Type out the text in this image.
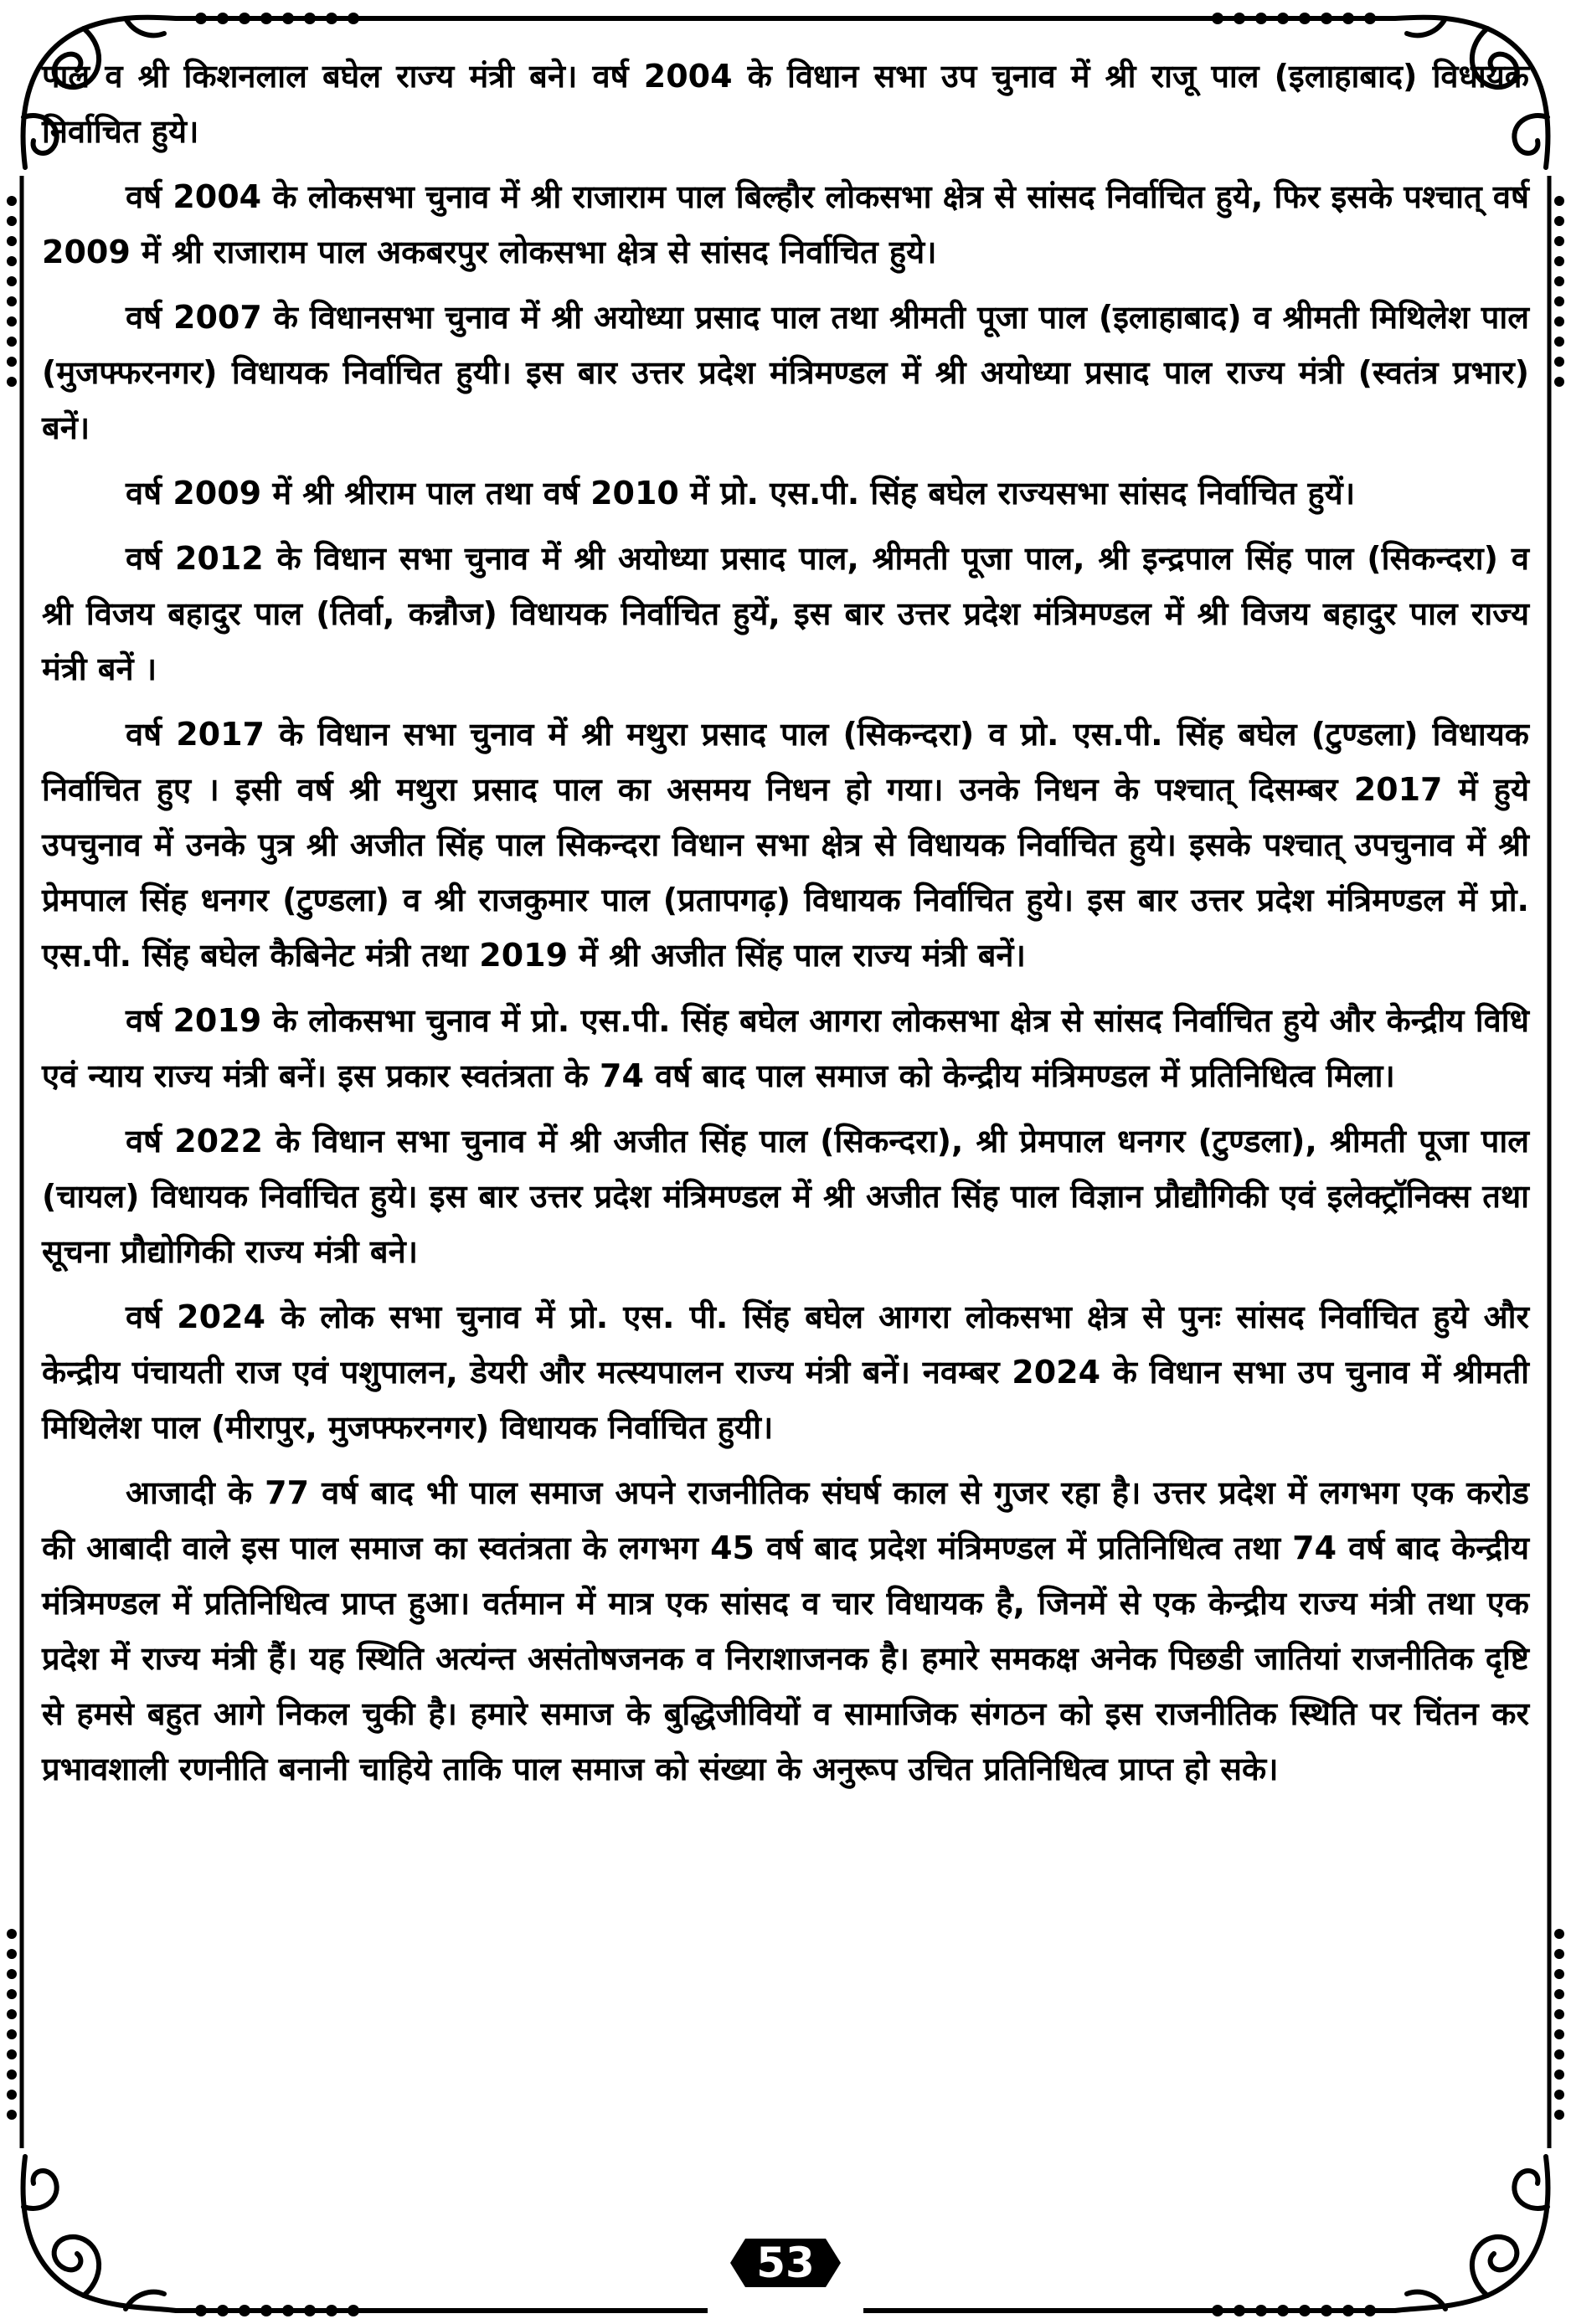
पाल व श्री किशनलाल बघेल राज्य मंत्री बने। वर्ष 2004 के विधान सभा उप चुनाव में श्री राजू पाल (इलाहाबाद) विधायक निर्वाचित हुये।

वर्ष 2004 के लोकसभा चुनाव में श्री राजाराम पाल बिल्हौर लोकसभा क्षेत्र से सांसद निर्वाचित हुये, फिर इसके पश्चात् वर्ष 2009 में श्री राजाराम पाल अकबरपुर लोकसभा क्षेत्र से सांसद निर्वाचित हुये।

वर्ष 2007 के विधानसभा चुनाव में श्री अयोध्या प्रसाद पाल तथा श्रीमती पूजा पाल (इलाहाबाद) व श्रीमती मिथिलेश पाल (मुजफ्फरनगर) विधायक निर्वाचित हुयी। इस बार उत्तर प्रदेश मंत्रिमण्डल में श्री अयोध्या प्रसाद पाल राज्य मंत्री (स्वतंत्र प्रभार) बनें।

वर्ष 2009 में श्री श्रीराम पाल तथा वर्ष 2010 में प्रो. एस.पी. सिंह बघेल राज्यसभा सांसद निर्वाचित हुयें।

वर्ष 2012 के विधान सभा चुनाव में श्री अयोध्या प्रसाद पाल, श्रीमती पूजा पाल, श्री इन्द्रपाल सिंह पाल (सिकन्दरा) व श्री विजय बहादुर पाल (तिर्वा, कन्नौज) विधायक निर्वाचित हुयें, इस बार उत्तर प्रदेश मंत्रिमण्डल में श्री विजय बहादुर पाल राज्य मंत्री बनें ।

वर्ष 2017 के विधान सभा चुनाव में श्री मथुरा प्रसाद पाल (सिकन्दरा) व प्रो. एस.पी. सिंह बघेल (टुण्डला) विधायक निर्वाचित हुए । इसी वर्ष श्री मथुरा प्रसाद पाल का असमय निधन हो गया। उनके निधन के पश्चात् दिसम्बर 2017 में हुये उपचुनाव में उनके पुत्र श्री अजीत सिंह पाल सिकन्दरा विधान सभा क्षेत्र से विधायक निर्वाचित हुये। इसके पश्चात् उपचुनाव में श्री प्रेमपाल सिंह धनगर (टुण्डला) व श्री राजकुमार पाल (प्रतापगढ़) विधायक निर्वाचित हुये। इस बार उत्तर प्रदेश मंत्रिमण्डल में प्रो. एस.पी. सिंह बघेल कैबिनेट मंत्री तथा 2019 में श्री अजीत सिंह पाल राज्य मंत्री बनें।

वर्ष 2019 के लोकसभा चुनाव में प्रो. एस.पी. सिंह बघेल आगरा लोकसभा क्षेत्र से सांसद निर्वाचित हुये और केन्द्रीय विधि एवं न्याय राज्य मंत्री बनें। इस प्रकार स्वतंत्रता के 74 वर्ष बाद पाल समाज को केन्द्रीय मंत्रिमण्डल में प्रतिनिधित्व मिला।

वर्ष 2022 के विधान सभा चुनाव में श्री अजीत सिंह पाल (सिकन्दरा), श्री प्रेमपाल धनगर (टुण्डला), श्रीमती पूजा पाल (चायल) विधायक निर्वाचित हुये। इस बार उत्तर प्रदेश मंत्रिमण्डल में श्री अजीत सिंह पाल विज्ञान प्रौद्यौगिकी एवं इलेक्ट्रॉनिक्स तथा सूचना प्रौद्योगिकी राज्य मंत्री बने।

वर्ष 2024 के लोक सभा चुनाव में प्रो. एस. पी. सिंह बघेल आगरा लोकसभा क्षेत्र से पुनः सांसद निर्वाचित हुये और केन्द्रीय पंचायती राज एवं पशुपालन, डेयरी और मत्स्यपालन राज्य मंत्री बनें। नवम्बर 2024 के विधान सभा उप चुनाव में श्रीमती मिथिलेश पाल (मीरापुर, मुजफ्फरनगर) विधायक निर्वाचित हुयी।

आजादी के 77 वर्ष बाद भी पाल समाज अपने राजनीतिक संघर्ष काल से गुजर रहा है। उत्तर प्रदेश में लगभग एक करोड की आबादी वाले इस पाल समाज का स्वतंत्रता के लगभग 45 वर्ष बाद प्रदेश मंत्रिमण्डल में प्रतिनिधित्व तथा 74 वर्ष बाद केन्द्रीय मंत्रिमण्डल में प्रतिनिधित्व प्राप्त हुआ। वर्तमान में मात्र एक सांसद व चार विधायक है, जिनमें से एक केन्द्रीय राज्य मंत्री तथा एक प्रदेश में राज्य मंत्री हैं। यह स्थिति अत्यंन्त असंतोषजनक व निराशाजनक है। हमारे समकक्ष अनेक पिछडी जातियां राजनीतिक दृष्टि से हमसे बहुत आगे निकल चुकी है। हमारे समाज के बुद्धिजीवियों व सामाजिक संगठन को इस राजनीतिक स्थिति पर चिंतन कर प्रभावशाली रणनीति बनानी चाहिये ताकि पाल समाज को संख्या के अनुरूप उचित प्रतिनिधित्व प्राप्त हो सके।

53
